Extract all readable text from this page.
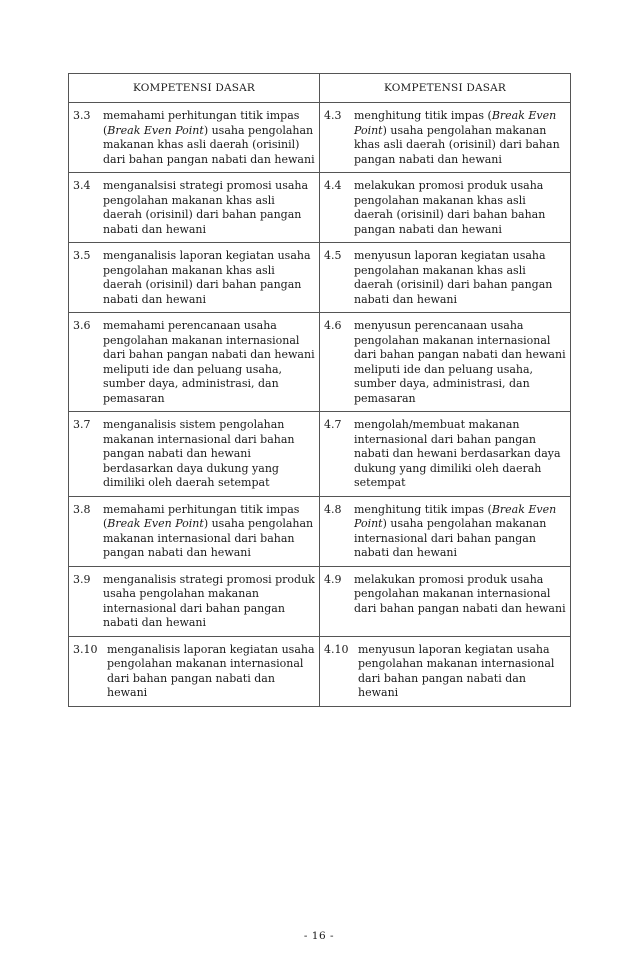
KOMPETENSI DASAR	KOMPETENSI DASAR

3.3 memahami perhitungan titik impas (Break Even Point) usaha pengolahan makanan khas asli daerah (orisinil) dari bahan pangan nabati dan hewani	4.3 menghitung titik impas (Break Even Point) usaha pengolahan makanan khas asli daerah (orisinil) dari bahan pangan nabati dan hewani

3.4 menganalsisi strategi promosi usaha pengolahan makanan khas asli daerah (orisinil) dari bahan pangan nabati dan hewani	4.4 melakukan promosi produk usaha pengolahan makanan khas asli daerah (orisinil) dari bahan bahan pangan nabati dan hewani

3.5 menganalisis laporan kegiatan usaha pengolahan makanan khas asli daerah (orisinil) dari bahan pangan nabati dan hewani	4.5 menyusun laporan kegiatan usaha pengolahan makanan khas asli daerah (orisinil) dari bahan pangan nabati dan hewani

3.6 memahami perencanaan usaha pengolahan makanan internasional dari bahan pangan nabati dan hewani meliputi ide dan peluang usaha, sumber daya, administrasi, dan pemasaran	4.6 menyusun perencanaan usaha pengolahan makanan internasional dari bahan pangan nabati dan hewani meliputi ide dan peluang usaha, sumber daya, administrasi, dan pemasaran

3.7 menganalisis sistem pengolahan makanan internasional dari bahan pangan nabati dan hewani berdasarkan daya dukung yang dimiliki oleh daerah setempat	4.7 mengolah/membuat makanan internasional dari bahan pangan nabati dan hewani berdasarkan daya dukung yang dimiliki oleh daerah setempat

3.8 memahami perhitungan titik impas (Break Even Point) usaha pengolahan makanan internasional dari bahan pangan nabati dan hewani	4.8 menghitung titik impas (Break Even Point) usaha pengolahan makanan internasional dari bahan pangan nabati dan hewani

3.9 menganalisis strategi promosi produk usaha pengolahan makanan internasional dari bahan pangan nabati dan hewani	4.9 melakukan promosi produk usaha pengolahan makanan internasional dari bahan pangan nabati dan hewani

3.10 menganalisis laporan kegiatan usaha pengolahan makanan internasional dari bahan pangan nabati dan hewani	4.10 menyusun laporan kegiatan usaha pengolahan makanan internasional dari bahan pangan nabati dan hewani
- 16 -
